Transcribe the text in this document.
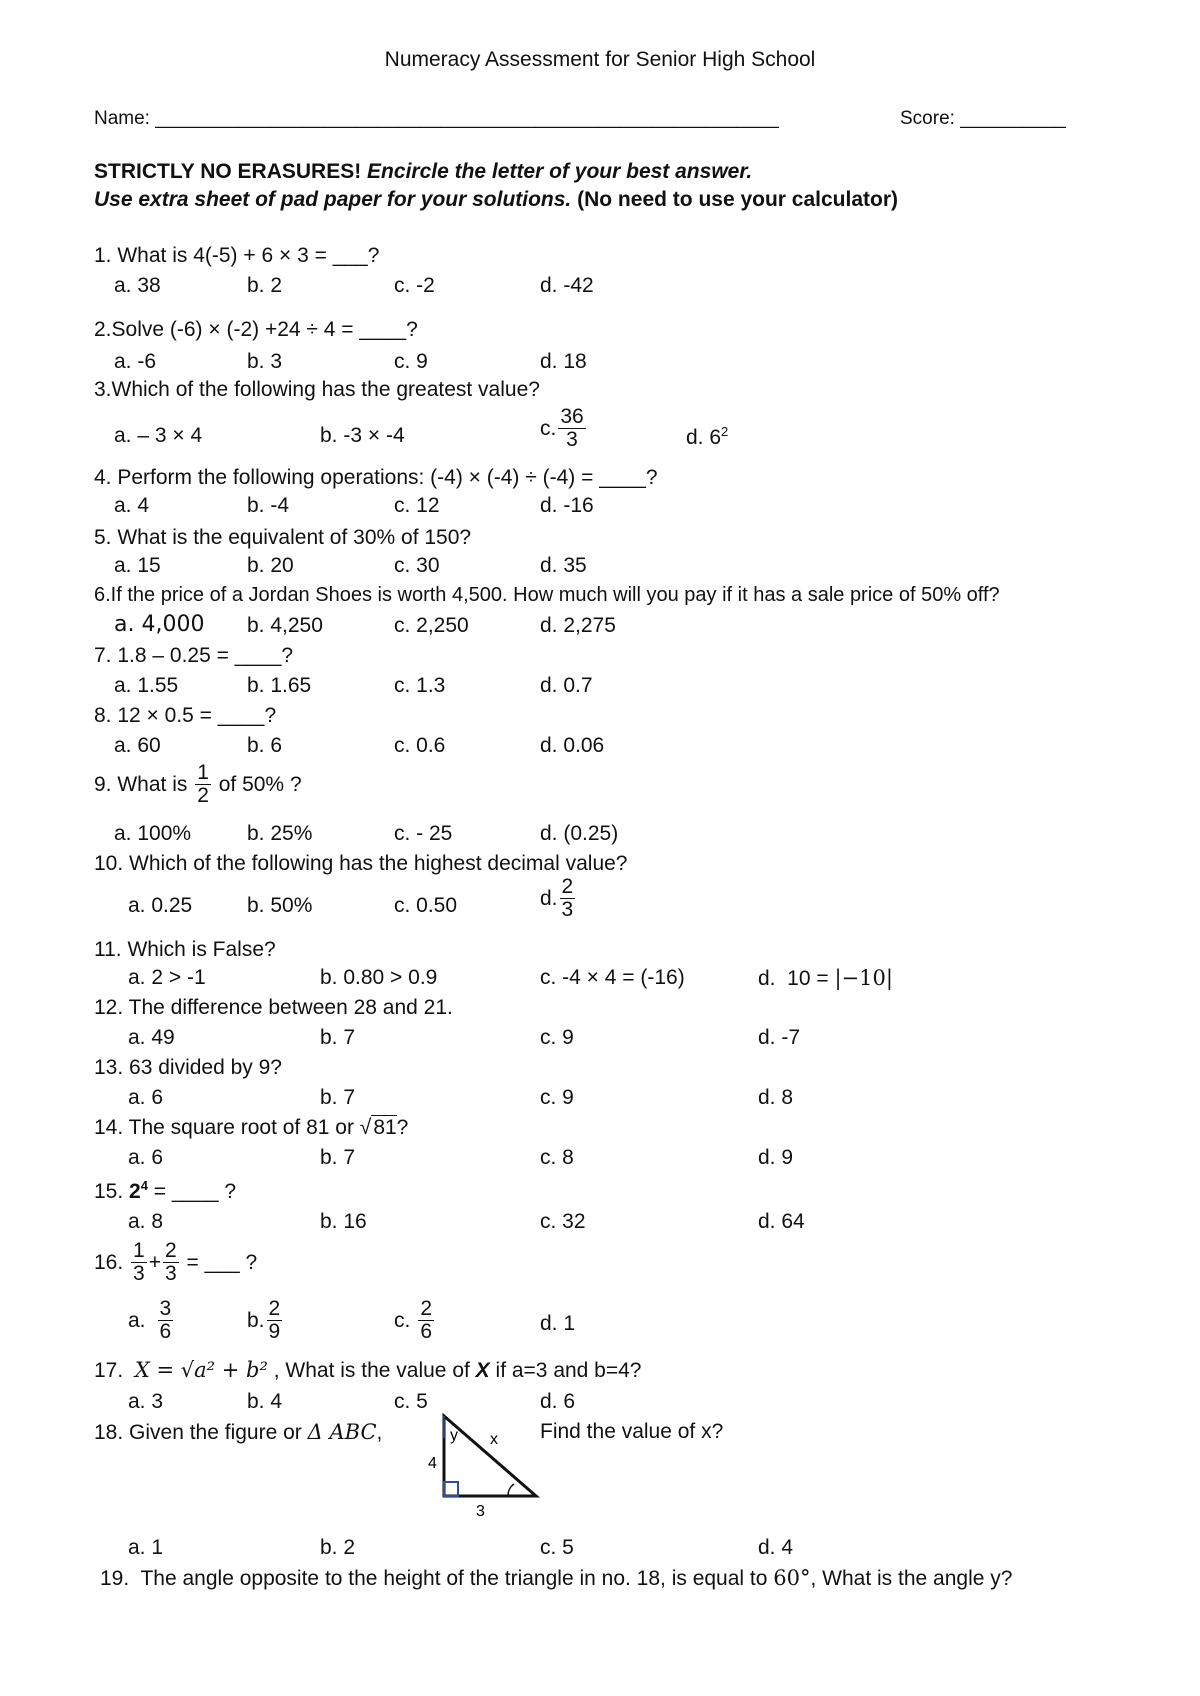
Numeracy Assessment for Senior High School
Name: ___________________________________________________________	Score: __________
STRICTLY NO ERASURES! Encircle the letter of your best answer.
Use extra sheet of pad paper for your solutions. (No need to use your calculator)
1. What is 4(-5) + 6 × 3 = ___?
a. 38	b. 2	c. -2	d. -42
2.Solve (-6) × (-2) +24 ÷ 4 = ____?
a. -6	b. 3	c. 9	d. 18
3.Which of the following has the greatest value?
a. – 3 × 4	b. -3 × -4	c. $\frac{36}{3}$	d. $6^2$
4. Perform the following operations: (-4) × (-4) ÷ (-4) = ____?
a. 4	b. -4	c. 12	d. -16
5. What is the equivalent of 30% of 150?
a. 15	b. 20	c. 30	d. 35
6.If the price of a Jordan Shoes is worth 4,500. How much will you pay if it has a sale price of 50% off?
a. 4,000 b. 4,250	c. 2,250	d. 2,275
7. 1.8 – 0.25 = ____?
a. 1.55	b. 1.65	c. 1.3	d. 0.7
8. 12 × 0.5 = ____?
a. 60	b. 6	c. 0.6	d. 0.06
9. What is $\frac{1}{2}$ of 50% ?
a. 100%	b. 25%	c. - 25	d. (0.25)
10. Which of the following has the highest decimal value?
a. 0.25	b. 50%	c. 0.50	d. $\frac{2}{3}$
11. Which is False?
a. 2 > -1	b. 0.80 > 0.9	c. -4 × 4 = (-16)	d.  10 = |−10|
12. The difference between 28 and 21.
a. 49	b. 7	c. 9	d. -7
13. 63 divided by 9?
a. 6	b. 7	c. 9	d. 8
14. The square root of 81 or √81?
a. 6	b. 7	c. 8	d. 9
15. $2^4$ = ____ ?
a. 8	b. 16	c. 32	d. 64
16. $\frac{1}{3} + \frac{2}{3}$ = ___ ?
a. $\frac{3}{6}$	b. $\frac{2}{9}$	c. $\frac{2}{6}$	d. 1
17.  X = √a² + b² , What is the value of X if a=3 and b=4?
a. 3	b. 4	c. 5	d. 6
18. Given the figure or Δ ABC,	Find the value of x?
y x
4
3
a. 1	b. 2	c. 5	d. 4
19.  The angle opposite to the height of the triangle in no. 18, is equal to 60°, What is the angle y?
